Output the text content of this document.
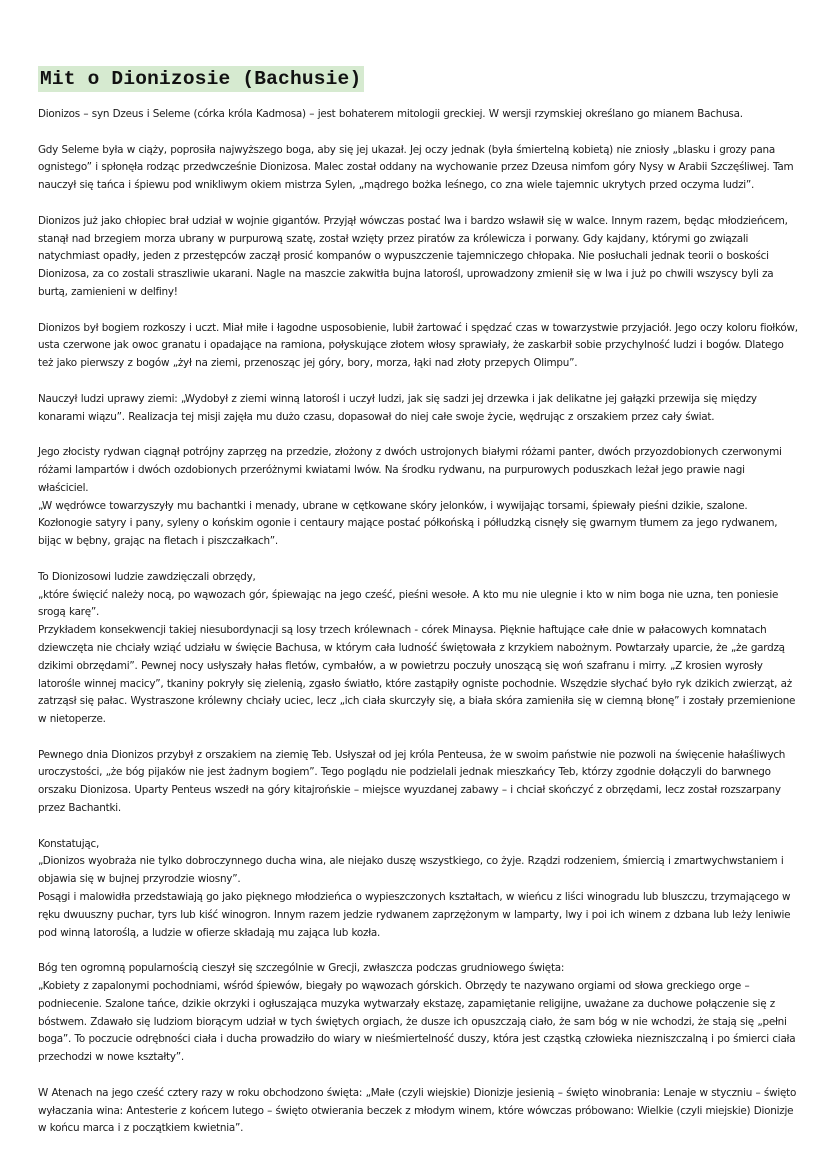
Mit o Dionizosie (Bachusie)

Dionizos – syn Dzeus i Seleme (córka króla Kadmosa) – jest bohaterem mitologii greckiej. W wersji rzymskiej określano go mianem Bachusa.

Gdy Seleme była w ciąży, poprosiła najwyższego boga, aby się jej ukazał. Jej oczy jednak (była śmiertelną kobietą) nie zniosły „blasku i grozy pana ognistego” i spłonęła rodząc przedwcześnie Dionizosa. Malec został oddany na wychowanie przez Dzeusa nimfom góry Nysy w Arabii Szczęśliwej. Tam nauczył się tańca i śpiewu pod wnikliwym okiem mistrza Sylen, „mądrego bożka leśnego, co zna wiele tajemnic ukrytych przed oczyma ludzi”.

Dionizos już jako chłopiec brał udział w wojnie gigantów. Przyjął wówczas postać lwa i bardzo wsławił się w walce. Innym razem, będąc młodzieńcem, stanął nad brzegiem morza ubrany w purpurową szatę, został wzięty przez piratów za królewicza i porwany. Gdy kajdany, którymi go związali natychmiast opadły, jeden z przestępców zaczął prosić kompanów o wypuszczenie tajemniczego chłopaka. Nie posłuchali jednak teorii o boskości Dionizosa, za co zostali straszliwie ukarani. Nagle na maszcie zakwitła bujna latorośl, uprowadzony zmienił się w lwa i już po chwili wszyscy byli za burtą, zamienieni w delfiny!

Dionizos był bogiem rozkoszy i uczt. Miał miłe i łagodne usposobienie, lubił żartować i spędzać czas w towarzystwie przyjaciół. Jego oczy koloru fiołków, usta czerwone jak owoc granatu i opadające na ramiona, połyskujące złotem włosy sprawiały, że zaskarbił sobie przychylność ludzi i bogów. Dlatego też jako pierwszy z bogów „żył na ziemi, przenosząc jej góry, bory, morza, łąki nad złoty przepych Olimpu”.

Nauczył ludzi uprawy ziemi: „Wydobył z ziemi winną latorośl i uczył ludzi, jak się sadzi jej drzewka i jak delikatne jej gałązki przewija się między konarami wiązu”. Realizacja tej misji zajęła mu dużo czasu, dopasował do niej całe swoje życie, wędrując z orszakiem przez cały świat.

Jego złocisty rydwan ciągnął potrójny zaprzęg na przedzie, złożony z dwóch ustrojonych białymi różami panter, dwóch przyozdobionych czerwonymi różami lampartów i dwóch ozdobionych przeróżnymi kwiatami lwów. Na środku rydwanu, na purpurowych poduszkach leżał jego prawie nagi właściciel.
„W wędrówce towarzyszyły mu bachantki i menady, ubrane w cętkowane skóry jelonków, i wywijając torsami, śpiewały pieśni dzikie, szalone. Kozłonogie satyry i pany, syleny o końskim ogonie i centaury mające postać półkońską i półludzką cisnęły się gwarnym tłumem za jego rydwanem, bijąc w bębny, grając na fletach i piszczałkach”.

To Dionizosowi ludzie zawdzięczali obrzędy,
„które święcić należy nocą, po wąwozach gór, śpiewając na jego cześć, pieśni wesołe. A kto mu nie ulegnie i kto w nim boga nie uzna, ten poniesie srogą karę”.
Przykładem konsekwencji takiej niesubordynacji są losy trzech królewnach - córek Minaysa. Pięknie haftujące całe dnie w pałacowych komnatach dziewczęta nie chciały wziąć udziału w święcie Bachusa, w którym cała ludność świętowała z krzykiem nabożnym. Powtarzały uparcie, że „że gardzą dzikimi obrzędami”. Pewnej nocy usłyszały hałas fletów, cymbałów, a w powietrzu poczuły unoszącą się woń szafranu i mirry. „Z krosien wyrosły latorośle winnej macicy”, tkaniny pokryły się zielenią, zgasło światło, które zastąpiły ogniste pochodnie. Wszędzie słychać było ryk dzikich zwierząt, aż zatrząsł się pałac. Wystraszone królewny chciały uciec, lecz „ich ciała skurczyły się, a biała skóra zamieniła się w ciemną błonę” i zostały przemienione w nietoperze.

Pewnego dnia Dionizos przybył z orszakiem na ziemię Teb. Usłyszał od jej króla Penteusa, że w swoim państwie nie pozwoli na święcenie hałaśliwych uroczystości, „że bóg pijaków nie jest żadnym bogiem”. Tego poglądu nie podzielali jednak mieszkańcy Teb, którzy zgodnie dołączyli do barwnego orszaku Dionizosa. Uparty Penteus wszedł na góry kitajrońskie – miejsce wyuzdanej zabawy – i chciał skończyć z obrzędami, lecz został rozszarpany przez Bachantki.

Konstatując,
„Dionizos wyobraża nie tylko dobroczynnego ducha wina, ale niejako duszę wszystkiego, co żyje. Rządzi rodzeniem, śmiercią i zmartwychwstaniem i objawia się w bujnej przyrodzie wiosny”.
Posągi i malowidła przedstawiają go jako pięknego młodzieńca o wypieszczonych kształtach, w wieńcu z liści winogradu lub bluszczu, trzymającego w ręku dwuuszny puchar, tyrs lub kiść winogron. Innym razem jedzie rydwanem zaprzężonym w lamparty, lwy i poi ich winem z dzbana lub leży leniwie pod winną latoroślą, a ludzie w ofierze składają mu zająca lub kozła.

Bóg ten ogromną popularnością cieszył się szczególnie w Grecji, zwłaszcza podczas grudniowego święta:
„Kobiety z zapalonymi pochodniami, wśród śpiewów, biegały po wąwozach górskich. Obrzędy te nazywano orgiami od słowa greckiego orge – podniecenie. Szalone tańce, dzikie okrzyki i ogłuszająca muzyka wytwarzały ekstazę, zapamiętanie religijne, uważane za duchowe połączenie się z bóstwem. Zdawało się ludziom biorącym udział w tych świętych orgiach, że dusze ich opuszczają ciało, że sam bóg w nie wchodzi, że stają się „pełni boga”. To poczucie odrębności ciała i ducha prowadziło do wiary w nieśmiertelność duszy, która jest cząstką człowieka niezniszczalną i po śmierci ciała przechodzi w nowe kształty”.

W Atenach na jego cześć cztery razy w roku obchodzono święta: „Małe (czyli wiejskie) Dionizje jesienią – święto winobrania: Lenaje w styczniu – święto wyłaczania wina: Antesterie z końcem lutego – święto otwierania beczek z młodym winem, które wówczas próbowano: Wielkie (czyli miejskie) Dionizje w końcu marca i z początkiem kwietnia”.
